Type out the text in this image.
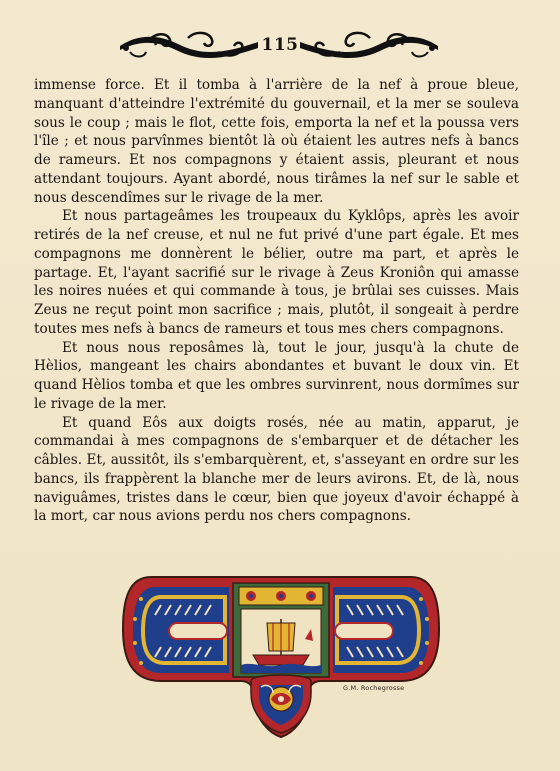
115

immense force. Et il tomba à l'arrière de la nef à proue bleue, manquant d'atteindre l'extrémité du gouvernail, et la mer se souleva sous le coup ; mais le flot, cette fois, emporta la nef et la poussa vers l'île ; et nous parvînmes bientôt là où étaient les autres nefs à bancs de rameurs. Et nos compagnons y étaient assis, pleurant et nous attendant toujours. Ayant abordé, nous tirâmes la nef sur le sable et nous descendîmes sur le rivage de la mer.

Et nous partageâmes les troupeaux du Kyklôps, après les avoir retirés de la nef creuse, et nul ne fut privé d'une part égale. Et mes compagnons me donnèrent le bélier, outre ma part, et après le partage. Et, l'ayant sacrifié sur le rivage à Zeus Kroniôn qui amasse les noires nuées et qui commande à tous, je brûlai ses cuisses. Mais Zeus ne reçut point mon sacrifice ; mais, plutôt, il songeait à perdre toutes mes nefs à bancs de rameurs et tous mes chers compagnons.

Et nous nous reposâmes là, tout le jour, jusqu'à la chute de Hèlios, mangeant les chairs abondantes et buvant le doux vin. Et quand Hèlios tomba et que les ombres survinrent, nous dormîmes sur le rivage de la mer.

Et quand Eôs aux doigts rosés, née au matin, apparut, je commandai à mes compagnons de s'embarquer et de détacher les câbles. Et, aussitôt, ils s'embarquèrent, et, s'asseyant en ordre sur les bancs, ils frappèrent la blanche mer de leurs avirons. Et, de là, nous naviguâmes, tristes dans le cœur, bien que joyeux d'avoir échappé à la mort, car nous avions perdu nos chers compagnons.

G.M. Rochegrosse
